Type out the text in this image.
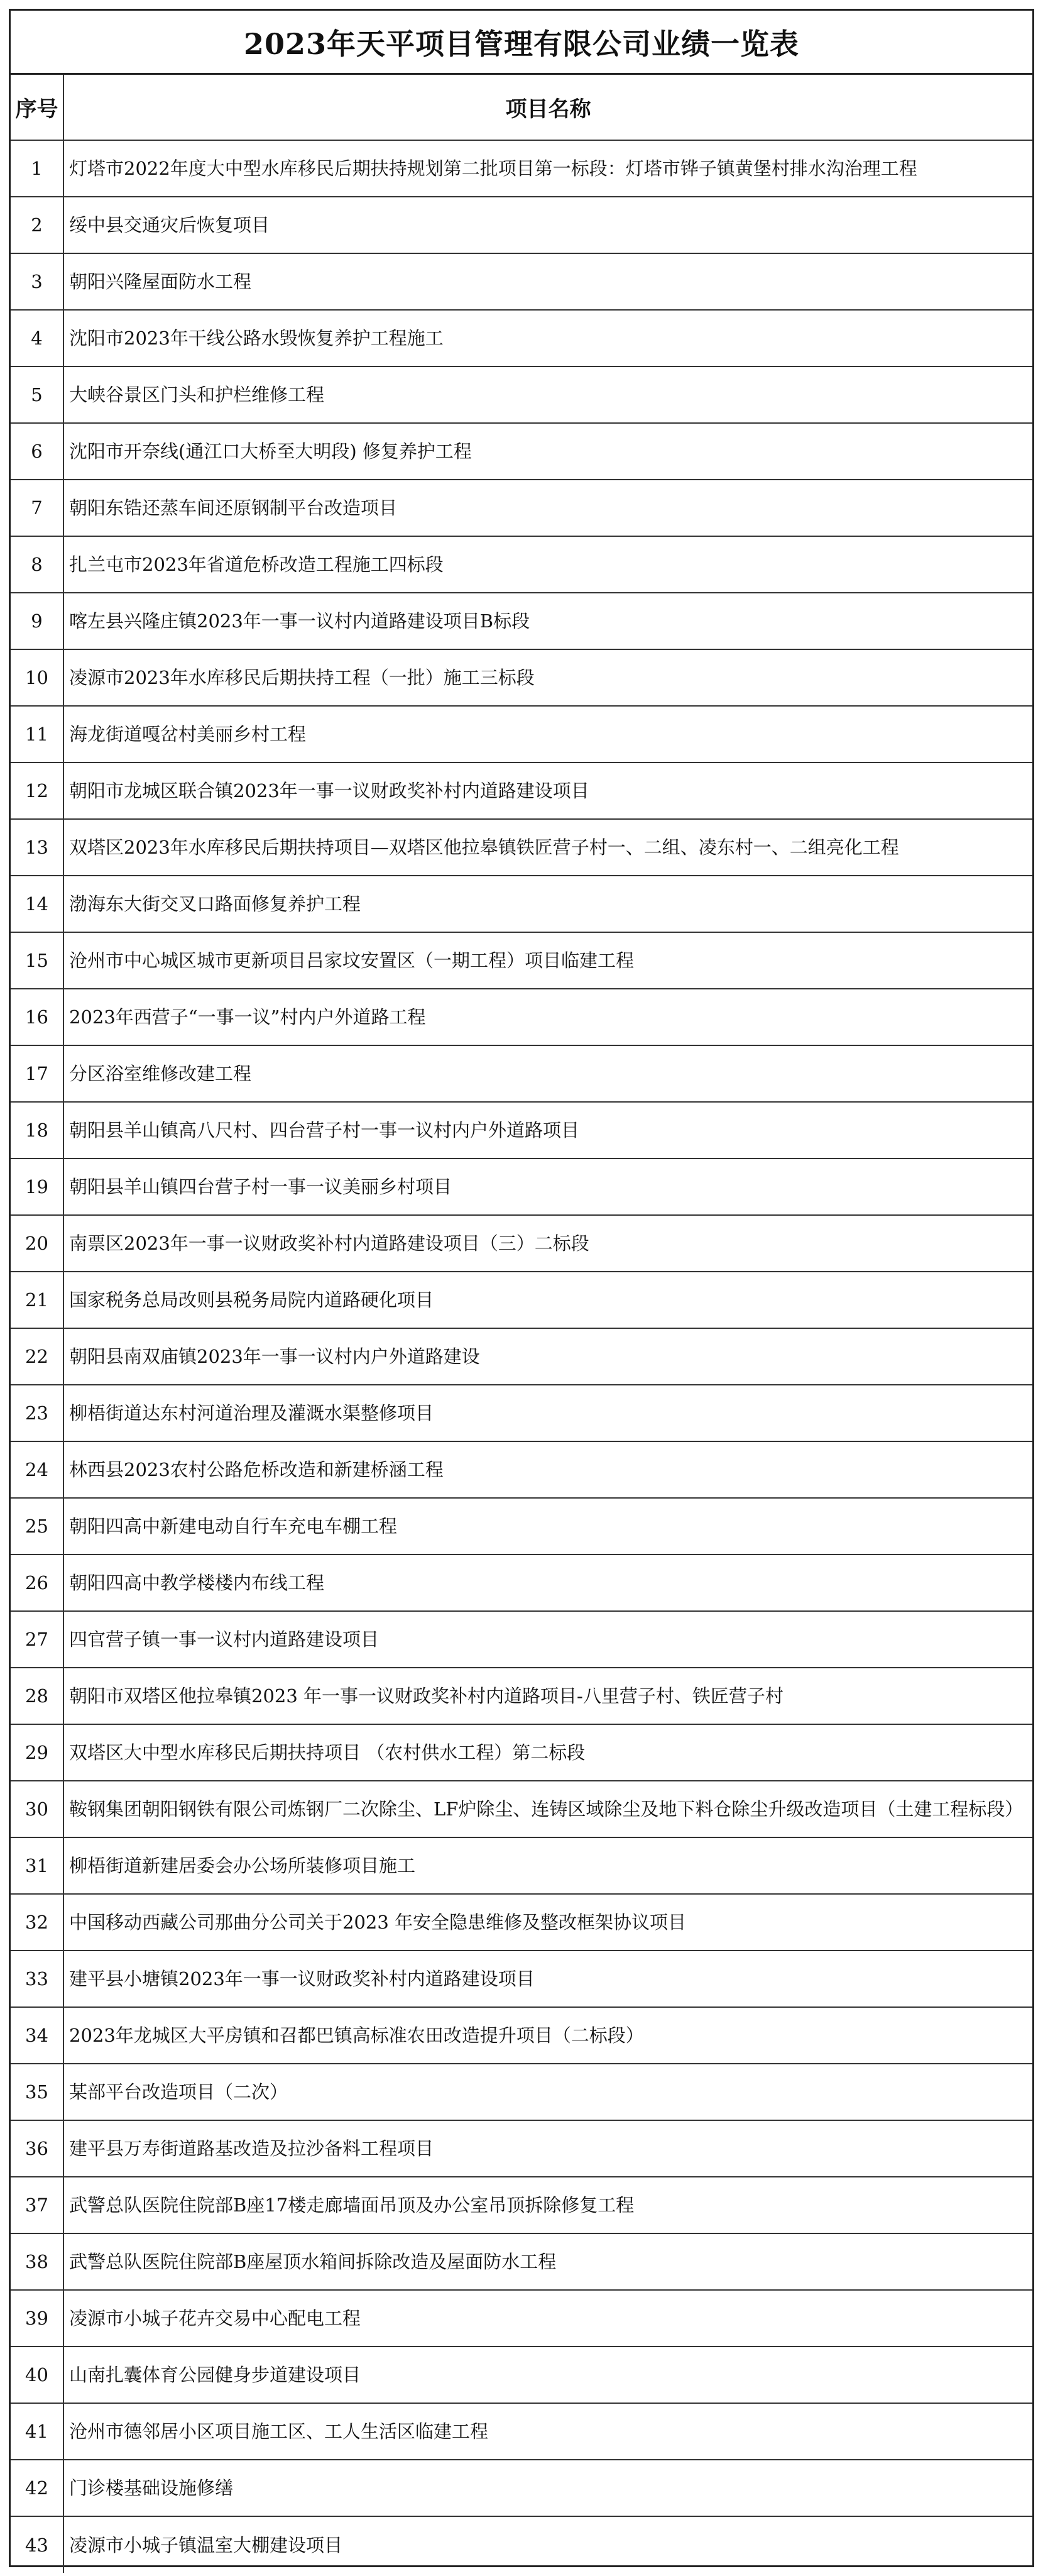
2023年天平项目管理有限公司业绩一览表
序号	项目名称
1	灯塔市2022年度大中型水库移民后期扶持规划第二批项目第一标段：灯塔市铧子镇黄堡村排水沟治理工程
2	绥中县交通灾后恢复项目
3	朝阳兴隆屋面防水工程
4	沈阳市2023年干线公路水毁恢复养护工程施工
5	大峡谷景区门头和护栏维修工程
6	沈阳市开奈线(通江口大桥至大明段) 修复养护工程
7	朝阳东锆还蒸车间还原钢制平台改造项目
8	扎兰屯市2023年省道危桥改造工程施工四标段
9	喀左县兴隆庄镇2023年一事一议村内道路建设项目B标段
10	凌源市2023年水库移民后期扶持工程（一批）施工三标段
11	海龙街道嘎岔村美丽乡村工程
12	朝阳市龙城区联合镇2023年一事一议财政奖补村内道路建设项目
13	双塔区2023年水库移民后期扶持项目—双塔区他拉皋镇铁匠营子村一、二组、凌东村一、二组亮化工程
14	渤海东大街交叉口路面修复养护工程
15	沧州市中心城区城市更新项目吕家坟安置区（一期工程）项目临建工程
16	2023年西营子“一事一议”村内户外道路工程
17	分区浴室维修改建工程
18	朝阳县羊山镇高八尺村、四台营子村一事一议村内户外道路项目
19	朝阳县羊山镇四台营子村一事一议美丽乡村项目
20	南票区2023年一事一议财政奖补村内道路建设项目（三）二标段
21	国家税务总局改则县税务局院内道路硬化项目
22	朝阳县南双庙镇2023年一事一议村内户外道路建设
23	柳梧街道达东村河道治理及灌溉水渠整修项目
24	林西县2023农村公路危桥改造和新建桥涵工程
25	朝阳四高中新建电动自行车充电车棚工程
26	朝阳四高中教学楼楼内布线工程
27	四官营子镇一事一议村内道路建设项目
28	朝阳市双塔区他拉皋镇2023 年一事一议财政奖补村内道路项目-八里营子村、铁匠营子村
29	双塔区大中型水库移民后期扶持项目 （农村供水工程）第二标段
30	鞍钢集团朝阳钢铁有限公司炼钢厂二次除尘、LF炉除尘、连铸区域除尘及地下料仓除尘升级改造项目（土建工程标段）
31	柳梧街道新建居委会办公场所装修项目施工
32	中国移动西藏公司那曲分公司关于2023 年安全隐患维修及整改框架协议项目
33	建平县小塘镇2023年一事一议财政奖补村内道路建设项目
34	2023年龙城区大平房镇和召都巴镇高标准农田改造提升项目（二标段）
35	某部平台改造项目（二次）
36	建平县万寿街道路基改造及拉沙备料工程项目
37	武警总队医院住院部B座17楼走廊墙面吊顶及办公室吊顶拆除修复工程
38	武警总队医院住院部B座屋顶水箱间拆除改造及屋面防水工程
39	凌源市小城子花卉交易中心配电工程
40	山南扎囊体育公园健身步道建设项目
41	沧州市德邻居小区项目施工区、工人生活区临建工程
42	门诊楼基础设施修缮
43	凌源市小城子镇温室大棚建设项目
